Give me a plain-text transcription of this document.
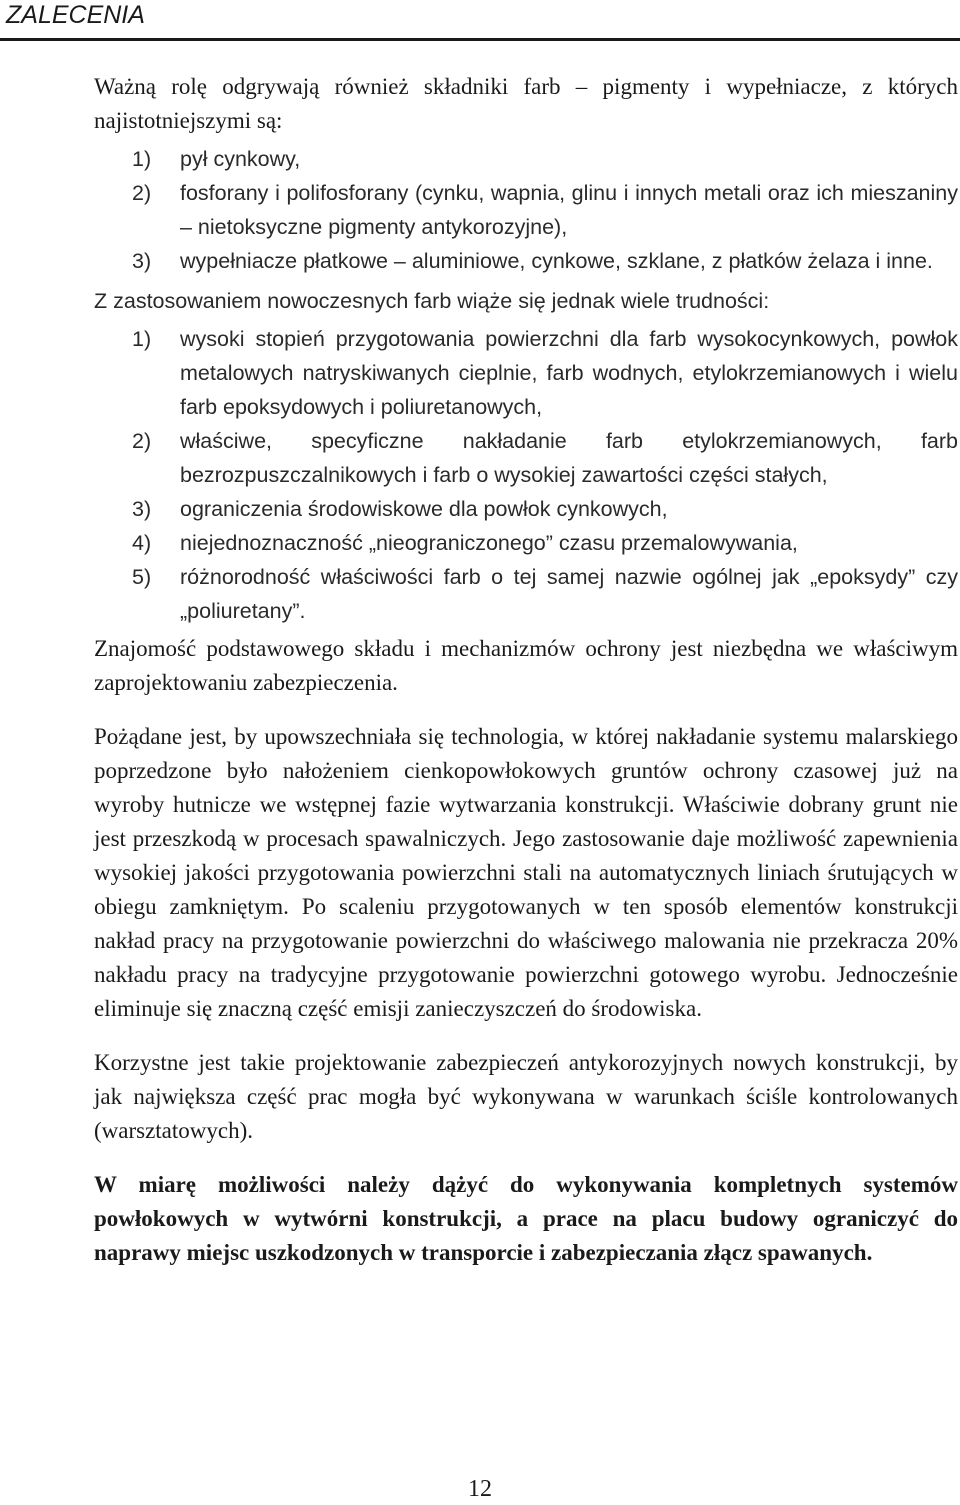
ZALECENIA

Ważną rolę odgrywają również składniki farb – pigmenty i wypełniacze, z których najistotniejszymi są:

1) pył cynkowy,
2) fosforany i polifosforany (cynku, wapnia, glinu i innych metali oraz ich mieszaniny – nietoksyczne pigmenty antykorozyjne),
3) wypełniacze płatkowe – aluminiowe, cynkowe, szklane, z płatków żelaza i inne.

Z zastosowaniem nowoczesnych farb wiąże się jednak wiele trudności:

1) wysoki stopień przygotowania powierzchni dla farb wysokocynkowych, powłok metalowych natryskiwanych cieplnie, farb wodnych, etylokrzemianowych i wielu farb epoksydowych i poliuretanowych,
2) właściwe, specyficzne nakładanie farb etylokrzemianowych, farb bezrozpuszczalnikowych i farb o wysokiej zawartości części stałych,
3) ograniczenia środowiskowe dla powłok cynkowych,
4) niejednoznaczność „nieograniczonego” czasu przemalowywania,
5) różnorodność właściwości farb o tej samej nazwie ogólnej jak „epoksydy” czy „poliuretany”.

Znajomość podstawowego składu i mechanizmów ochrony jest niezbędna we właściwym zaprojektowaniu zabezpieczenia.

Pożądane jest, by upowszechniała się technologia, w której nakładanie systemu malarskiego poprzedzone było nałożeniem cienkopowłokowych gruntów ochrony czasowej już na wyroby hutnicze we wstępnej fazie wytwarzania konstrukcji. Właściwie dobrany grunt nie jest przeszkodą w procesach spawalniczych. Jego zastosowanie daje możliwość zapewnienia wysokiej jakości przygotowania powierzchni stali na automatycznych liniach śrutujących w obiegu zamkniętym. Po scaleniu przygotowanych w ten sposób elementów konstrukcji nakład pracy na przygotowanie powierzchni do właściwego malowania nie przekracza 20% nakładu pracy na tradycyjne przygotowanie powierzchni gotowego wyrobu. Jednocześnie eliminuje się znaczną część emisji zanieczyszczeń do środowiska.

Korzystne jest takie projektowanie zabezpieczeń antykorozyjnych nowych konstrukcji, by jak największa część prac mogła być wykonywana w warunkach ściśle kontrolowanych (warsztatowych).

W miarę możliwości należy dążyć do wykonywania kompletnych systemów powłokowych w wytwórni konstrukcji, a prace na placu budowy ograniczyć do naprawy miejsc uszkodzonych w transporcie i zabezpieczania złącz spawanych.

12
